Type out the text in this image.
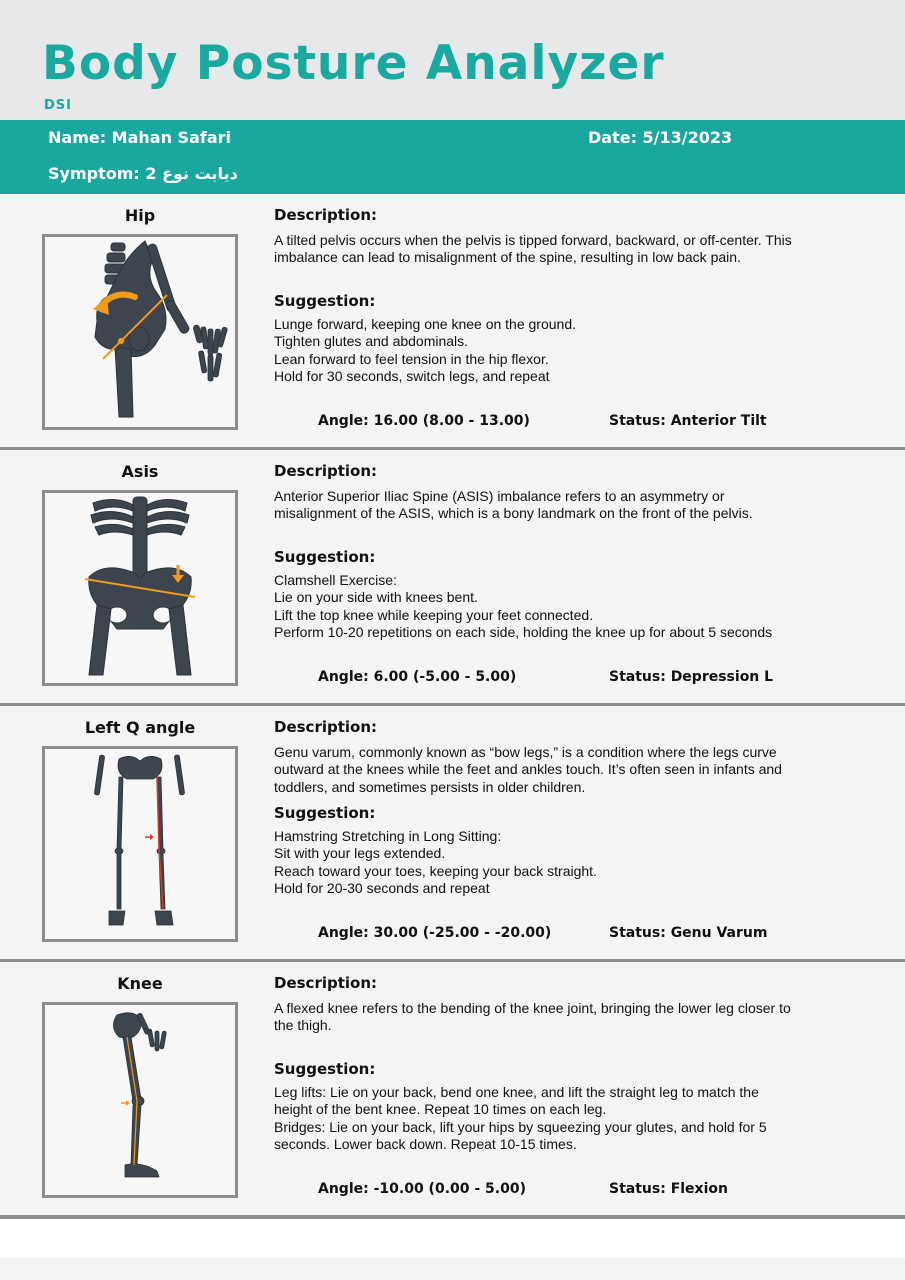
Body Posture Analyzer
DSI
Name: Mahan Safari	Date: 5/13/2023
Symptom: دیابت نوع 2
Hip	Description:
A tilted pelvis occurs when the pelvis is tipped forward, backward, or off-center. This
imbalance can lead to misalignment of the spine, resulting in low back pain.
Suggestion:
Lunge forward, keeping one knee on the ground.
Tighten glutes and abdominals.
Lean forward to feel tension in the hip flexor.
Hold for 30 seconds, switch legs, and repeat
Angle: 16.00 (8.00 - 13.00)	Status: Anterior Tilt
Asis	Description:
Anterior Superior Iliac Spine (ASIS) imbalance refers to an asymmetry or
misalignment of the ASIS, which is a bony landmark on the front of the pelvis.
Suggestion:
Clamshell Exercise:
Lie on your side with knees bent.
Lift the top knee while keeping your feet connected.
Perform 10-20 repetitions on each side, holding the knee up for about 5 seconds
Angle: 6.00 (-5.00 - 5.00)	Status: Depression L
Left Q angle	Description:
Genu varum, commonly known as “bow legs,” is a condition where the legs curve
outward at the knees while the feet and ankles touch. It’s often seen in infants and
toddlers, and sometimes persists in older children.
Suggestion:
Hamstring Stretching in Long Sitting:
Sit with your legs extended.
Reach toward your toes, keeping your back straight.
Hold for 20-30 seconds and repeat
Angle: 30.00 (-25.00 - -20.00)	Status: Genu Varum
Knee	Description:
A flexed knee refers to the bending of the knee joint, bringing the lower leg closer to
the thigh.
Suggestion:
Leg lifts: Lie on your back, bend one knee, and lift the straight leg to match the
height of the bent knee. Repeat 10 times on each leg.
Bridges: Lie on your back, lift your hips by squeezing your glutes, and hold for 5
seconds. Lower back down. Repeat 10-15 times.
Angle: -10.00 (0.00 - 5.00)	Status: Flexion
